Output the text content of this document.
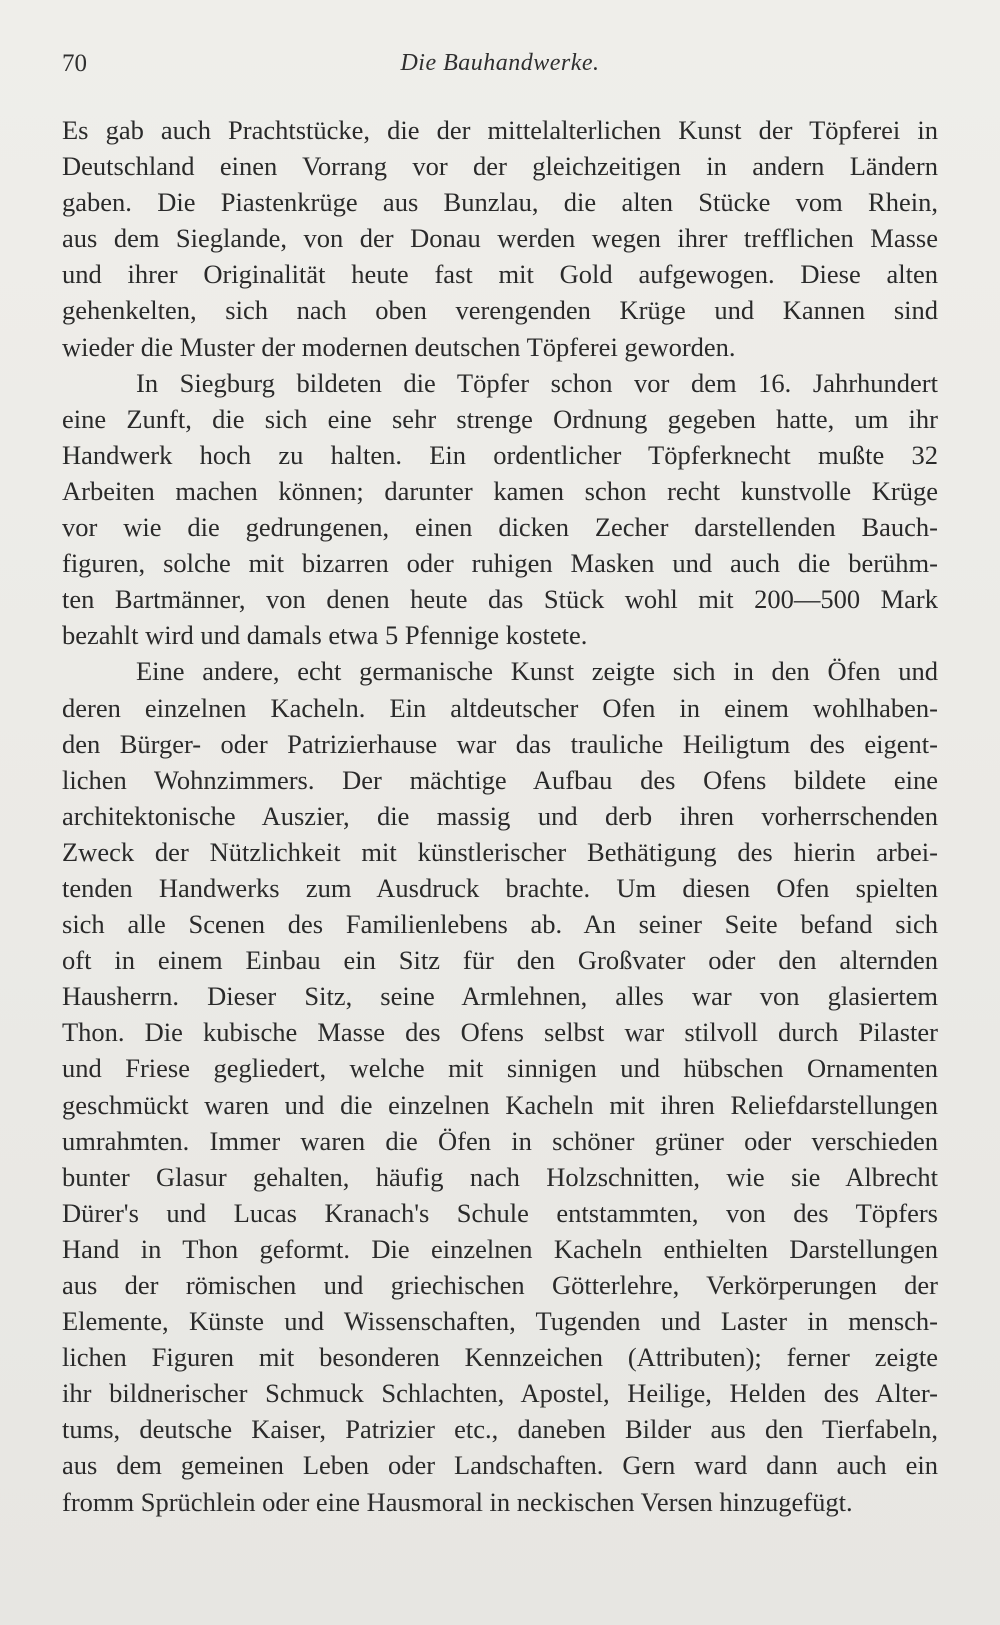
70	Die Bauhandwerke.
Es gab auch Prachtstücke, die der mittelalterlichen Kunst der Töpferei in
Deutschland einen Vorrang vor der gleichzeitigen in andern Ländern
gaben. Die Piastenkrüge aus Bunzlau, die alten Stücke vom Rhein,
aus dem Sieglande, von der Donau werden wegen ihrer trefflichen Masse
und ihrer Originalität heute fast mit Gold aufgewogen. Diese alten
gehenkelten, sich nach oben verengenden Krüge und Kannen sind
wieder die Muster der modernen deutschen Töpferei geworden.
In Siegburg bildeten die Töpfer schon vor dem 16. Jahrhundert
eine Zunft, die sich eine sehr strenge Ordnung gegeben hatte, um ihr
Handwerk hoch zu halten. Ein ordentlicher Töpferknecht mußte 32
Arbeiten machen können; darunter kamen schon recht kunstvolle Krüge
vor wie die gedrungenen, einen dicken Zecher darstellenden Bauch-
figuren, solche mit bizarren oder ruhigen Masken und auch die berühm-
ten Bartmänner, von denen heute das Stück wohl mit 200—500 Mark
bezahlt wird und damals etwa 5 Pfennige kostete.
Eine andere, echt germanische Kunst zeigte sich in den Öfen und
deren einzelnen Kacheln. Ein altdeutscher Ofen in einem wohlhaben-
den Bürger- oder Patrizierhause war das trauliche Heiligtum des eigent-
lichen Wohnzimmers. Der mächtige Aufbau des Ofens bildete eine
architektonische Auszier, die massig und derb ihren vorherrschenden
Zweck der Nützlichkeit mit künstlerischer Bethätigung des hierin arbei-
tenden Handwerks zum Ausdruck brachte. Um diesen Ofen spielten
sich alle Scenen des Familienlebens ab. An seiner Seite befand sich
oft in einem Einbau ein Sitz für den Großvater oder den alternden
Hausherrn. Dieser Sitz, seine Armlehnen, alles war von glasiertem
Thon. Die kubische Masse des Ofens selbst war stilvoll durch Pilaster
und Friese gegliedert, welche mit sinnigen und hübschen Ornamenten
geschmückt waren und die einzelnen Kacheln mit ihren Reliefdarstellungen
umrahmten. Immer waren die Öfen in schöner grüner oder verschieden
bunter Glasur gehalten, häufig nach Holzschnitten, wie sie Albrecht
Dürer's und Lucas Kranach's Schule entstammten, von des Töpfers
Hand in Thon geformt. Die einzelnen Kacheln enthielten Darstellungen
aus der römischen und griechischen Götterlehre, Verkörperungen der
Elemente, Künste und Wissenschaften, Tugenden und Laster in mensch-
lichen Figuren mit besonderen Kennzeichen (Attributen); ferner zeigte
ihr bildnerischer Schmuck Schlachten, Apostel, Heilige, Helden des Alter-
tums, deutsche Kaiser, Patrizier etc., daneben Bilder aus den Tierfabeln,
aus dem gemeinen Leben oder Landschaften. Gern ward dann auch ein
fromm Sprüchlein oder eine Hausmoral in neckischen Versen hinzugefügt.
